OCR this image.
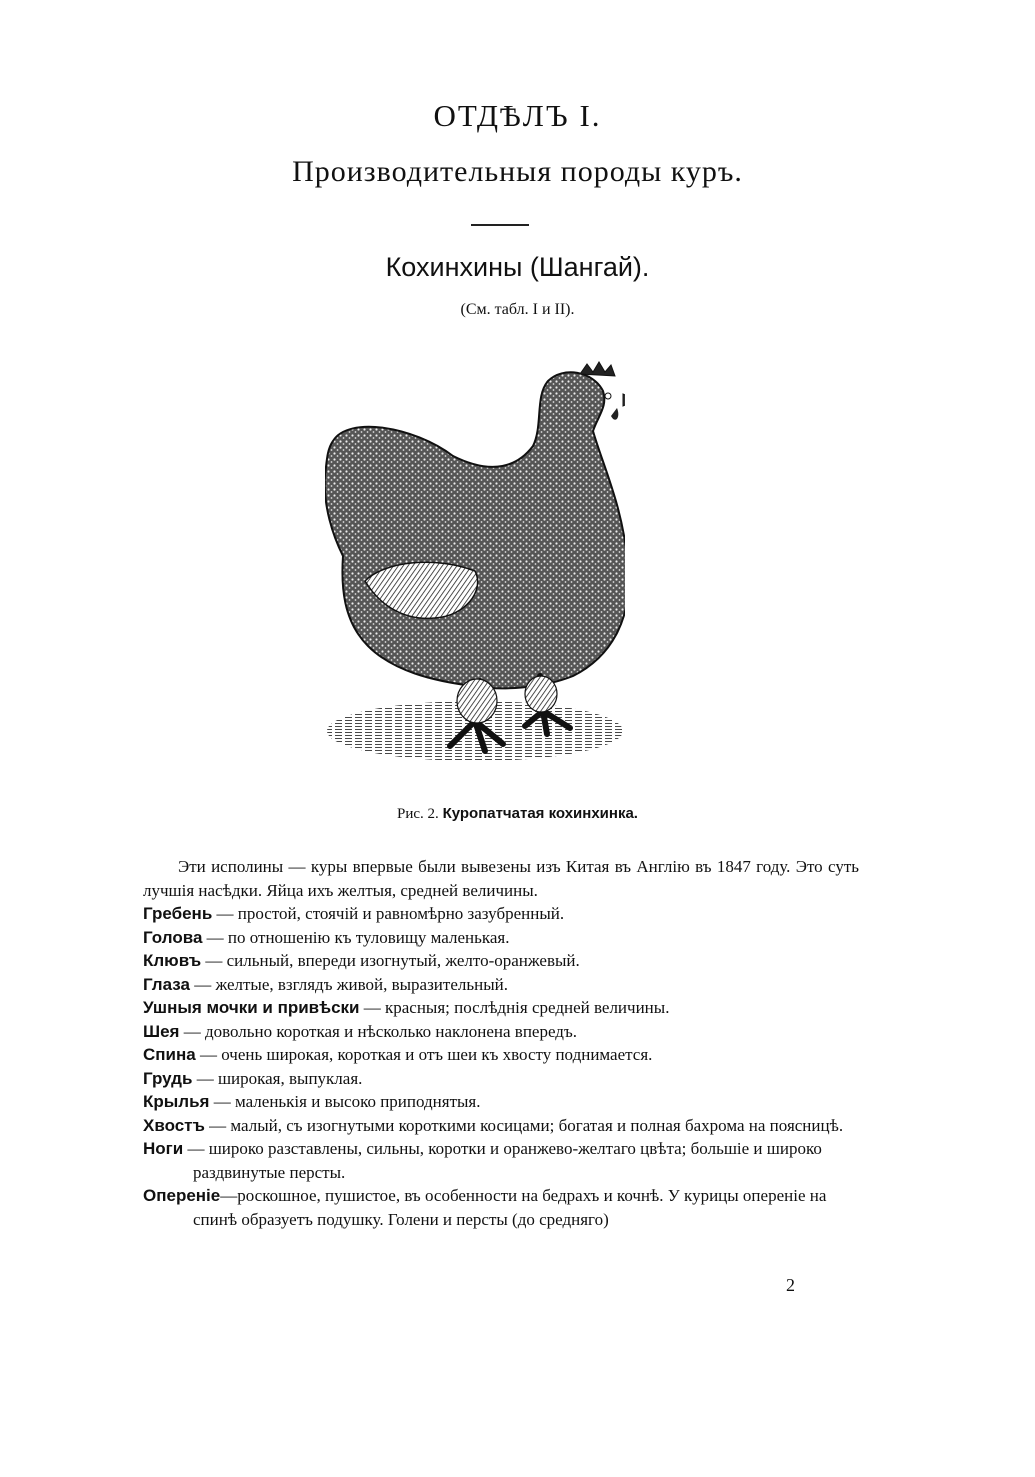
ОТДѢЛЪ I.
Производительныя породы куръ.
Кохинхины (Шангай).
(См. табл. I и II).
Рис. 2. Куропатчатая кохинхинка.

Эти исполины — куры впервые были вывезены изъ Китая въ Англію въ 1847 году. Это суть лучшія насѣдки. Яйца ихъ желтыя, средней величины.

Гребень — простой, стоячій и равномѣрно зазубренный.

Голова — по отношенію къ туловищу маленькая.

Клювъ — сильный, впереди изогнутый, желто-оранжевый.

Глаза — желтые, взглядъ живой, выразительный.

Ушныя мочки и привѣски — красныя; послѣднія средней величины.

Шея — довольно короткая и нѣсколько наклонена впередъ.

Спина — очень широкая, короткая и отъ шеи къ хвосту поднимается.

Грудь — широкая, выпуклая.

Крылья — маленькія и высоко приподнятыя.

Хвостъ — малый, съ изогнутыми короткими косицами; богатая и полная бахрома на поясницѣ.

Ноги — широко разставлены, сильны, коротки и оранжево-желтаго цвѣта; большіе и широко раздвинутые персты.

Опереніе—роскошное, пушистое, въ особенности на бедрахъ и кочнѣ. У курицы опереніе на спинѣ образуетъ подушку. Голени и персты (до средняго)

2
